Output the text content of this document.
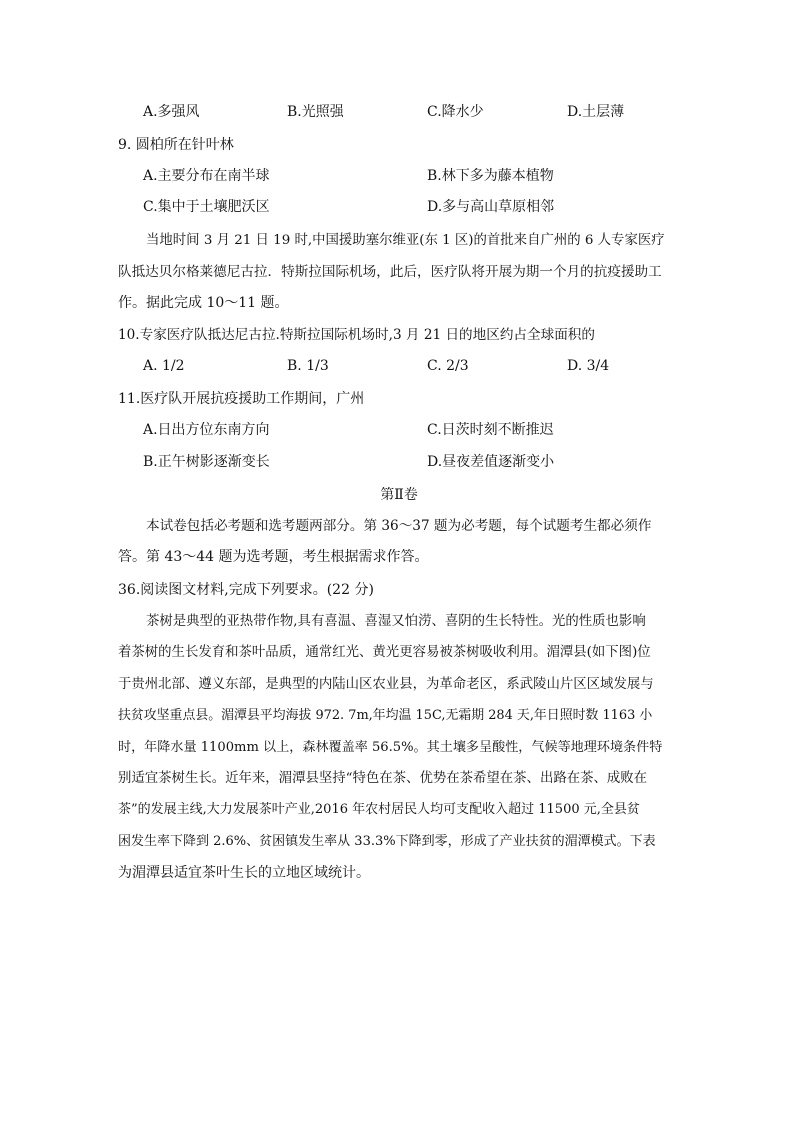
A.多强风	B.光照强	C.降水少	D.土层薄
9. 圆柏所在针叶林
A.主要分布在南半球	B.林下多为藤本植物
C.集中于土壤肥沃区	D.多与高山草原相邻
当地时间 3 月 21 日 19 时,中国援助塞尔维亚(东 1 区)的首批来自广州的 6 人专家医疗
队抵达贝尔格莱德尼古拉．特斯拉国际机场，此后，医疗队将开展为期一个月的抗疫援助工
作。据此完成 10～11 题。
10.专家医疗队抵达尼古拉.特斯拉国际机场时,3 月 21 日的地区约占全球面积的
A. 1/2	B. 1/3	C. 2/3	D. 3/4
11.医疗队开展抗疫援助工作期间，广州
A.日出方位东南方向	C.日茨时刻不断推迟
B.正午树影逐渐变长	D.昼夜差值逐渐变小
第Ⅱ卷
本试卷包括必考题和选考题两部分。第 36～37 题为必考题，每个试题考生都必须作
答。第 43～44 题为选考题，考生根据需求作答。
36.阅读图文材料,完成下列要求。(22 分)
茶树是典型的亚热带作物,具有喜温、喜湿又怕涝、喜阴的生长特性。光的性质也影响
着茶树的生长发育和茶叶品质，通常红光、黄光更容易被茶树吸收利用。湄潭县(如下图)位
于贵州北部、遵义东部，是典型的内陆山区农业县，为革命老区，系武陵山片区区域发展与
扶贫攻坚重点县。湄潭县平均海拔 972. 7m,年均温 15C,无霜期 284 天,年日照时数 1163 小
时，年降水量 1100mm 以上，森林覆盖率 56.5%。其土壤多呈酸性，气候等地理环境条件特
别适宜茶树生长。近年来，湄潭县坚持“特色在茶、优势在茶希望在茶、出路在茶、成败在
茶”的发展主线,大力发展茶叶产业,2016 年农村居民人均可支配收入超过 11500 元,全县贫
困发生率下降到 2.6%、贫困镇发生率从 33.3%下降到零，形成了产业扶贫的湄潭模式。下表
为湄潭县适宜茶叶生长的立地区域统计。
